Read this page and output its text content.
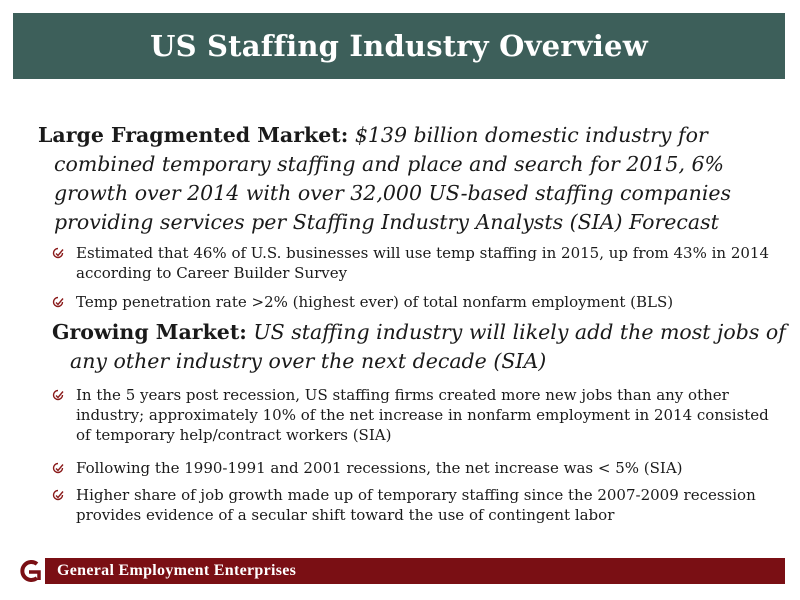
US Staffing Industry Overview

Large Fragmented Market: $139 billion domestic industry for combined temporary staffing and place and search for 2015, 6% growth over 2014 with over 32,000 US-based staffing companies providing services per Staffing Industry Analysts (SIA) Forecast

Estimated that 46% of U.S. businesses will use temp staffing in 2015, up from 43% in 2014 according to Career Builder Survey
Temp penetration rate >2% (highest ever) of total nonfarm employment (BLS)

Growing Market: US staffing industry will likely add the most jobs of any other industry over the next decade (SIA)

In the 5 years post recession, US staffing firms created more new jobs than any other industry; approximately 10% of the net increase in nonfarm employment in 2014 consisted of temporary help/contract workers (SIA)
Following the 1990-1991 and 2001 recessions, the net increase was < 5% (SIA)
Higher share of job growth made up of temporary staffing since the 2007-2009 recession provides evidence of a secular shift toward the use of contingent labor
General Employment Enterprises
